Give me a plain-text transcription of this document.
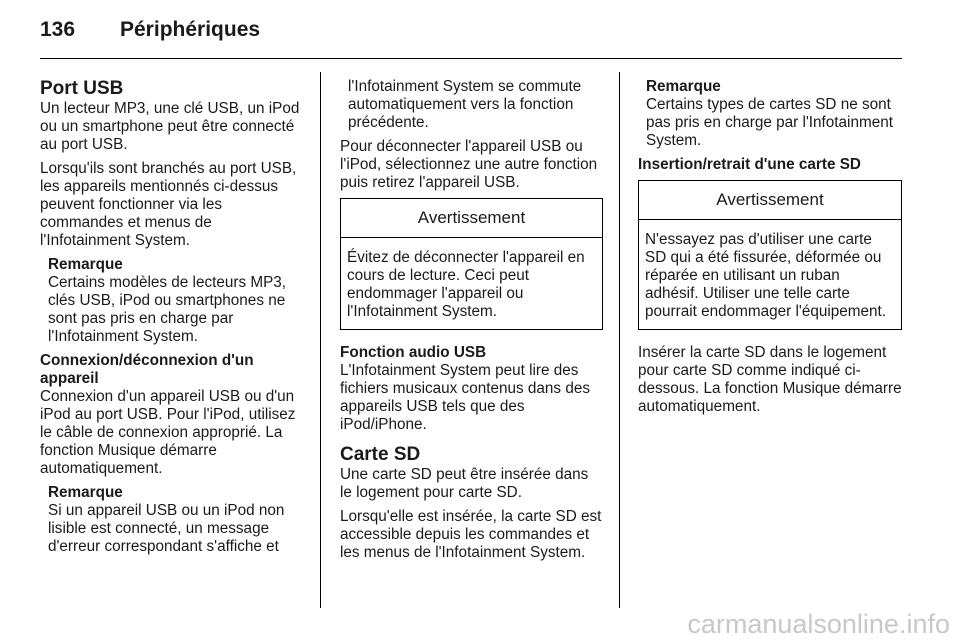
136 Périphériques
Port USB

Un lecteur MP3, une clé USB, un iPod ou un smartphone peut être connecté au port USB.

Lorsqu'ils sont branchés au port USB, les appareils mentionnés ci-dessus peuvent fonctionner via les commandes et menus de l'Infotainment System.

Remarque
Certains modèles de lecteurs MP3, clés USB, iPod ou smartphones ne sont pas pris en charge par l'Infotainment System.
Connexion/déconnexion d'un appareil

Connexion d'un appareil USB ou d'un iPod au port USB. Pour l'iPod, utilisez le câble de connexion approprié. La fonction Musique démarre automatiquement.

Remarque
Si un appareil USB ou un iPod non lisible est connecté, un message d'erreur correspondant s'affiche et
l'Infotainment System se commute automatiquement vers la fonction précédente.

Pour déconnecter l'appareil USB ou l'iPod, sélectionnez une autre fonction puis retirez l'appareil USB.

Avertissement
Évitez de déconnecter l'appareil en cours de lecture. Ceci peut endommager l'appareil ou l'Infotainment System.
Fonction audio USB

L'Infotainment System peut lire des fichiers musicaux contenus dans des appareils USB tels que des iPod/iPhone.

Carte SD

Une carte SD peut être insérée dans le logement pour carte SD.

Lorsqu'elle est insérée, la carte SD est accessible depuis les commandes et les menus de l'Infotainment System.

Remarque
Certains types de cartes SD ne sont pas pris en charge par l'Infotainment System.
Insertion/retrait d'une carte SD
Avertissement
N'essayez pas d'utiliser une carte SD qui a été fissurée, déformée ou réparée en utilisant un ruban adhésif. Utiliser une telle carte pourrait endommager l'équipement.

Insérer la carte SD dans le logement pour carte SD comme indiqué ci-dessous. La fonction Musique démarre automatiquement.

carmanualsonline.info
